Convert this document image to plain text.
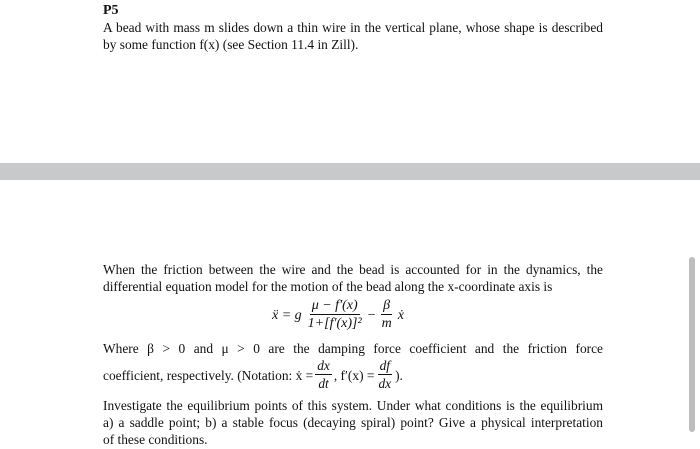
P5
A bead with mass m slides down a thin wire in the vertical plane, whose shape is described
by some function f(x) (see Section 11.4 in Zill).
When the friction between the wire and the bead is accounted for in the dynamics, the
differential equation model for the motion of the bead along the x-coordinate axis is
ẍ = g $\frac{\mu - f'(x)}{\text{1+[f′(x)]²}} - \frac{\beta}{m}$ ẋ
Where β > 0 and μ > 0 are the damping force coefficient and the friction force
coefficient, respectively. (Notation: ẋ = $\frac{dx}{dt}$ , $f'(x) = \frac{df}{dx}$ ).
Investigate the equilibrium points of this system. Under what conditions is the equilibrium
a) a saddle point; b) a stable focus (decaying spiral) point? Give a physical interpretation
of these conditions.
